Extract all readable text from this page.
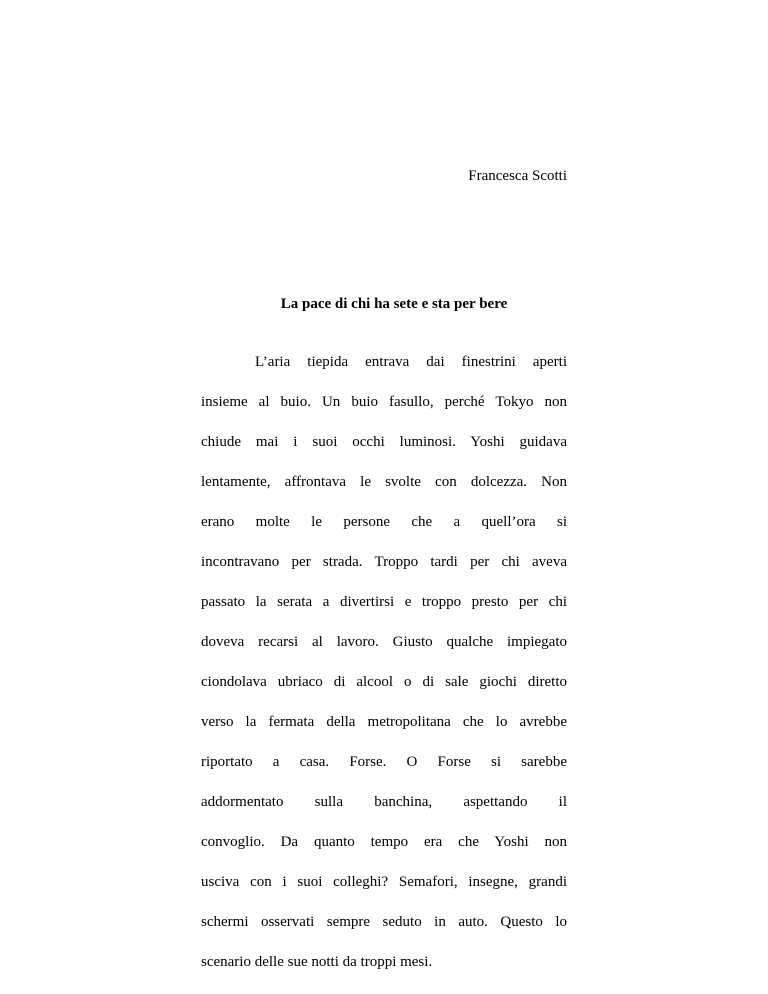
Francesca Scotti
La pace di chi ha sete e sta per bere
L’aria tiepida entrava dai finestrini aperti
insieme al buio. Un buio fasullo, perché Tokyo non
chiude mai i suoi occhi luminosi. Yoshi guidava
lentamente, affrontava le svolte con dolcezza. Non
erano molte le persone che a quell’ora si
incontravano per strada. Troppo tardi per chi aveva
passato la serata a divertirsi e troppo presto per chi
doveva recarsi al lavoro. Giusto qualche impiegato
ciondolava ubriaco di alcool o di sale giochi diretto
verso la fermata della metropolitana che lo avrebbe
riportato a casa. Forse. O Forse si sarebbe
addormentato sulla banchina, aspettando il
convoglio. Da quanto tempo era che Yoshi non
usciva con i suoi colleghi? Semafori, insegne, grandi
schermi osservati sempre seduto in auto. Questo lo
scenario delle sue notti da troppi mesi.
